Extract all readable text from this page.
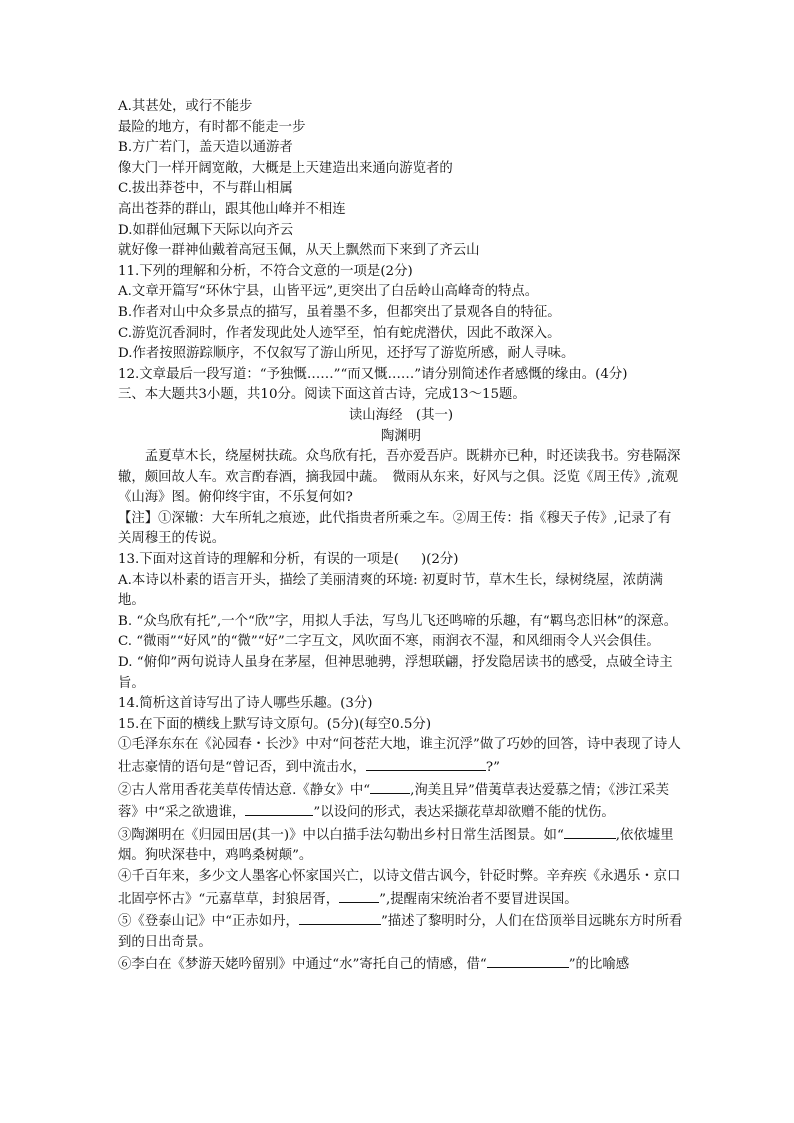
A.其甚处，或行不能步
最险的地方，有时都不能走一步
B.方广若门，盖天造以通游者
像大门一样开阔宽敞，大概是上天建造出来通向游览者的
C.拔出莽苍中，不与群山相属
高出苍莽的群山，跟其他山峰并不相连
D.如群仙冠珮下天际以向齐云
就好像一群神仙戴着高冠玉佩，从天上飘然而下来到了齐云山
11.下列的理解和分析，不符合文意的一项是(2分)
A.文章开篇写“环休宁县，山皆平远”,更突出了白岳岭山高峰奇的特点。
B.作者对山中众多景点的描写，虽着墨不多，但都突出了景观各自的特征。
C.游览沉香洞时，作者发现此处人迹罕至，怕有蛇虎潜伏，因此不敢深入。
D.作者按照游踪顺序，不仅叙写了游山所见，还抒写了游览所感，耐人寻味。
12.文章最后一段写道：“予独慨……”“而又慨……”请分别简述作者感慨的缘由。(4分)
三、本大题共3小题，共10分。阅读下面这首古诗，完成13～15题。
读山海经　(其一)
陶渊明
孟夏草木长，绕屋树扶疏。众鸟欣有托，吾亦爱吾庐。既耕亦已种，时还读我书。穷巷隔深辙，颇回故人车。欢言酌春酒，摘我园中蔬。　微雨从东来，好风与之俱。泛览《周王传》,流观《山海》图。俯仰终宇宙，不乐复何如?
【注】①深辙：大车所轧之痕迹，此代指贵者所乘之车。②周王传：指《穆天子传》,记录了有关周穆王的传说。
13.下面对这首诗的理解和分析，有误的一项是( )(2分)
A.本诗以朴素的语言开头，描绘了美丽清爽的环境: 初夏时节，草木生长，绿树绕屋，浓荫满地。
B. “众鸟欣有托”,一个“欣”字，用拟人手法，写鸟儿飞还鸣啼的乐趣，有“羁鸟恋旧林”的深意。
C. “微雨”“好风”的“微”“好”二字互文，风吹面不寒，雨润衣不湿，和风细雨令人兴会俱佳。
D. “俯仰”两句说诗人虽身在茅屋，但神思驰骋，浮想联翩，抒发隐居读书的感受，点破全诗主旨。
14.简析这首诗写出了诗人哪些乐趣。(3分)
15.在下面的横线上默写诗文原句。(5分)(每空0.5分)
①毛泽东东在《沁园春・长沙》中对“问苍茫大地，谁主沉浮”做了巧妙的回答，诗中表现了诗人壮志豪情的语句是“曾记否，到中流击水，	?”
②古人常用香花美草传情达意.《静女》中“	,洵美且异”借荑草表达爱慕之情；《涉江采芙蓉》中“采之欲遗谁，	”以设问的形式，表达采撷花草却欲赠不能的忧伤。
③陶渊明在《归园田居(其一)》中以白描手法勾勒出乡村日常生活图景。如“	,依依墟里烟。狗吠深巷中，鸡鸣桑树颠”。
④千百年来，多少文人墨客心怀家国兴亡，以诗文借古讽今，针砭时弊。辛弃疾《永遇乐・京口北固亭怀古》“元嘉草草，封狼居胥，	”,提醒南宋统治者不要冒进误国。
⑤《登泰山记》中“正赤如丹，	”描述了黎明时分，人们在岱顶举目远眺东方时所看到的日出奇景。
⑥李白在《梦游天姥吟留别》中通过“水”寄托自己的情感，借“	”的比喻感
